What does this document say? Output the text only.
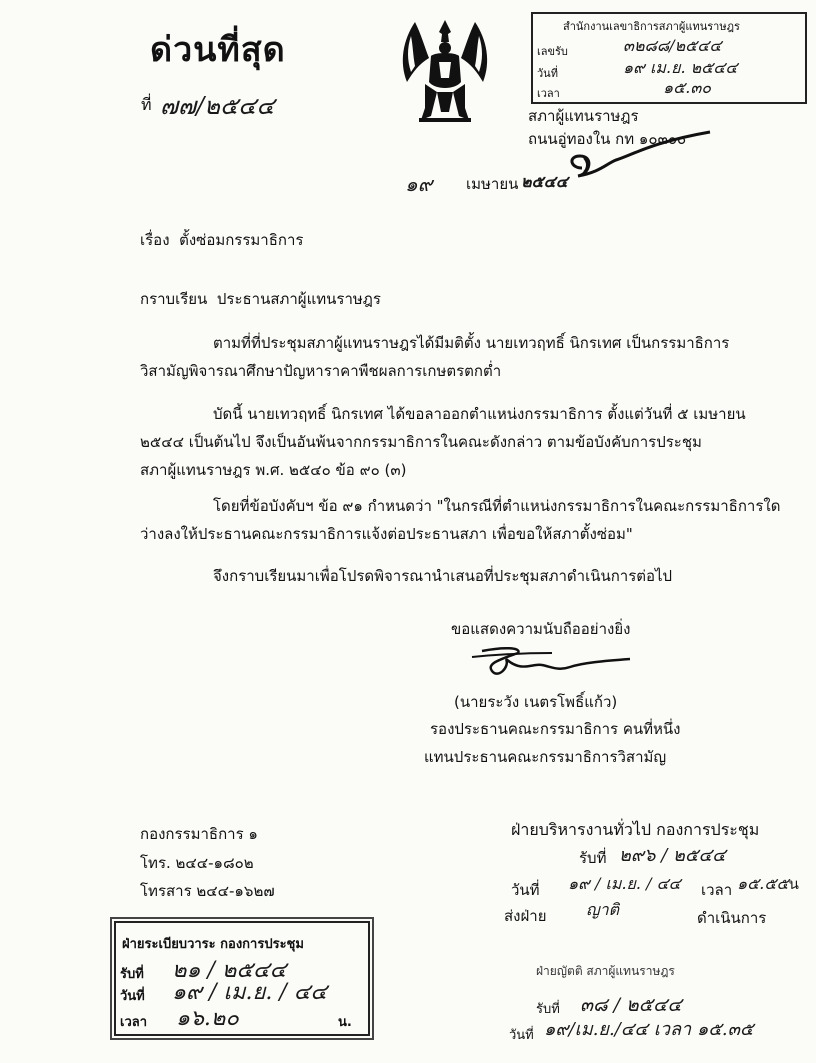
ด่วนที่สุด
ที่ ๗๗/๒๕๔๔
สำนักงานเลขาธิการสภาผู้แทนราษฎร
เลขรับ	๓๒๘๘/๒๕๔๔
วันที่	๑๙ เม.ย. ๒๕๔๔
เวลา	๑๕.๓๐
สภาผู้แทนราษฎร
ถนนอู่ทองใน กท ๑๐๓๐๐
๑๙ เมษายน ๒๕๔๔
เรื่อง ตั้งซ่อมกรรมาธิการ
กราบเรียน ประธานสภาผู้แทนราษฎร
ตามที่ที่ประชุมสภาผู้แทนราษฎรได้มีมติตั้ง นายเทวฤทธิ์ นิกรเทศ เป็นกรรมาธิการ
วิสามัญพิจารณาศึกษาปัญหาราคาพืชผลการเกษตรตกต่ำ
บัดนี้ นายเทวฤทธิ์ นิกรเทศ ได้ขอลาออกตำแหน่งกรรมาธิการ ตั้งแต่วันที่ ๕ เมษายน
๒๕๔๔ เป็นต้นไป จึงเป็นอันพ้นจากกรรมาธิการในคณะดังกล่าว ตามข้อบังคับการประชุม
สภาผู้แทนราษฎร พ.ศ. ๒๕๔๐ ข้อ ๙๐ (๓)
โดยที่ข้อบังคับฯ ข้อ ๙๑ กำหนดว่า "ในกรณีที่ตำแหน่งกรรมาธิการในคณะกรรมาธิการใด
ว่างลงให้ประธานคณะกรรมาธิการแจ้งต่อประธานสภา เพื่อขอให้สภาตั้งซ่อม"
จึงกราบเรียนมาเพื่อโปรดพิจารณานำเสนอที่ประชุมสภาดำเนินการต่อไป
ขอแสดงความนับถืออย่างยิ่ง
(นายระวัง เนตรโพธิ์แก้ว)
รองประธานคณะกรรมาธิการ คนที่หนึ่ง
แทนประธานคณะกรรมาธิการวิสามัญ
กองกรรมาธิการ ๑
โทร. ๒๔๔-๑๘๐๒
โทรสาร ๒๔๔-๑๖๒๗
ฝ่ายระเบียบวาระ กองการประชุม
รับที่ ๒๑ / ๒๕๔๔
วันที่ ๑๙ / เม.ย. / ๔๔
เวลา ๑๖.๒๐	น.
ฝ่ายบริหารงานทั่วไป กองการประชุม
รับที่ ๒๙๖ / ๒๕๔๔
วันที่ ๑๙ / เม.ย. / ๔๔ เวลา ๑๕.๕๕น
ส่งฝ่าย ญาติ	ดำเนินการ
ฝ่ายญัตติ สภาผู้แทนราษฎร
รับที่ ๓๘ / ๒๕๔๔
วันที่ ๑๙/เม.ย./๔๔ เวลา ๑๕.๓๕
